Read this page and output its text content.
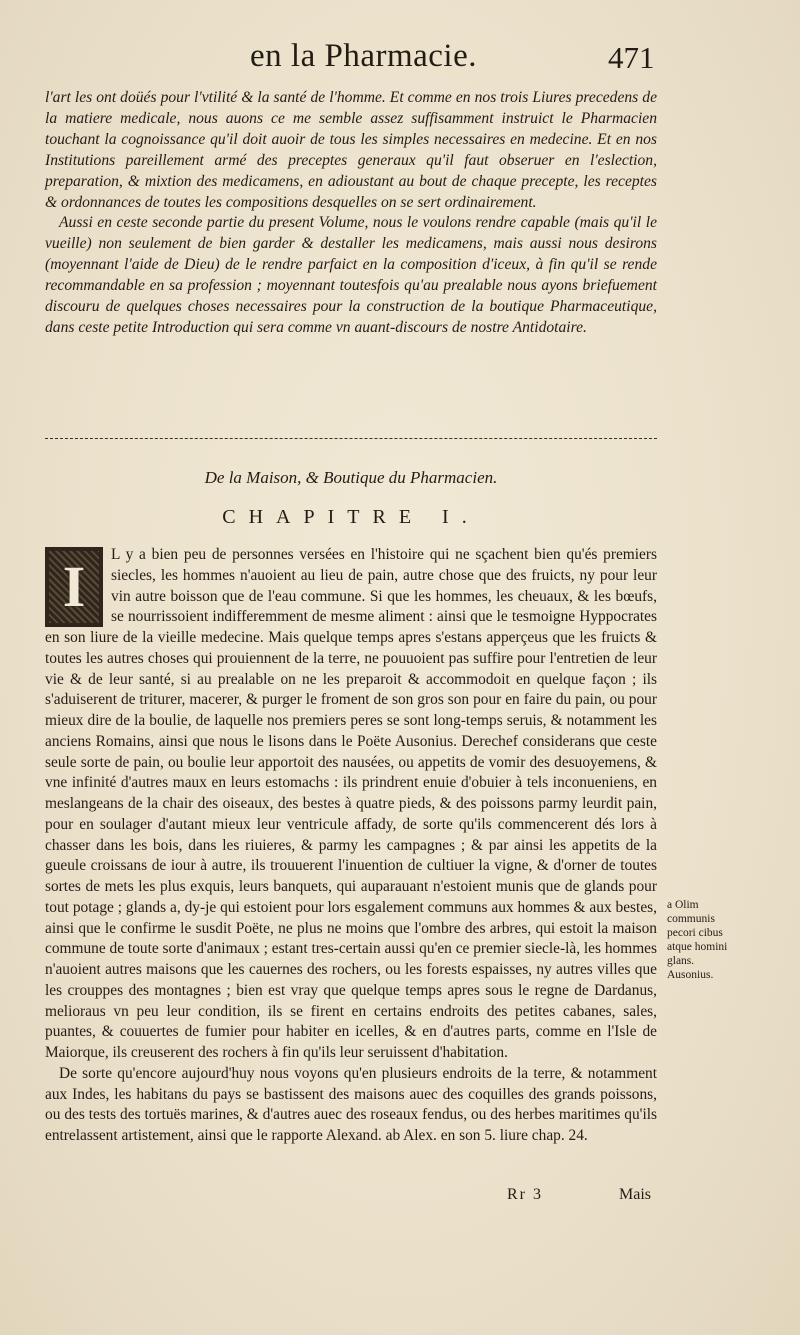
en la Pharmacie.	471

l'art les ont doüés pour l'vtilité & la santé de l'homme. Et comme en nos trois Liures precedens de la matiere medicale, nous auons ce me semble assez suffisamment instruict le Pharmacien touchant la cognoissance qu'il doit auoir de tous les simples necessaires en medecine. Et en nos Institutions pareillement armé des preceptes generaux qu'il faut obseruer en l'eslection, preparation, & mixtion des medicamens, en adioustant au bout de chaque precepte, les receptes & ordonnances de toutes les compositions desquelles on se sert ordinairement.

Aussi en ceste seconde partie du present Volume, nous le voulons rendre capable (mais qu'il le vueille) non seulement de bien garder & destaller les medicamens, mais aussi nous desirons (moyennant l'aide de Dieu) de le rendre parfaict en la composition d'iceux, à fin qu'il se rende recommandable en sa profession ; moyennant toutesfois qu'au prealable nous ayons briefuement discouru de quelques choses necessaires pour la construction de la boutique Pharmaceutique, dans ceste petite Introduction qui sera comme vn auant-discours de nostre Antidotaire.

De la Maison, & Boutique du Pharmacien.
CHAPITRE I.
I	L y a bien peu de personnes versées en l'histoire qui ne sçachent bien qu'és premiers siecles, les hommes n'auoient au lieu de pain, autre chose que des fruicts, ny pour leur vin autre boisson que de l'eau commune. Si que les hommes, les cheuaux, & les bœufs, se nourrissoient indifferemment de mesme aliment : ainsi que le tesmoigne Hyppocrates en son liure de la vieille medecine. Mais quelque temps apres s'estans apperçeus que les fruicts & toutes les autres choses qui prouiennent de la terre, ne pouuoient pas suffire pour l'entretien de leur vie & de leur santé, si au prealable on ne les preparoit & accommodoit en quelque façon ; ils s'aduiserent de triturer, macerer, & purger le froment de son gros son pour en faire du pain, ou pour mieux dire de la boulie, de laquelle nos premiers peres se sont long-temps seruis, & notamment les anciens Romains, ainsi que nous le lisons dans le Poëte Ausonius. Derechef considerans que ceste seule sorte de pain, ou boulie leur apportoit des nausées, ou appetits de vomir des desuoyemens, & vne infinité d'autres maux en leurs estomachs : ils prindrent enuie d'obuier à tels inconueniens, en meslangeans de la chair des oiseaux, des bestes à quatre pieds, & des poissons parmy leurdit pain, pour en soulager d'autant mieux leur ventricule affady, de sorte qu'ils commencerent dés lors à chasser dans les bois, dans les riuieres, & parmy les campagnes ; & par ainsi les appetits de la gueule croissans de iour à autre, ils trouuerent l'inuention de cultiuer la vigne, & d'orner de toutes sortes de mets les plus exquis, leurs banquets, qui auparauant n'estoient munis que de glands pour tout potage ; glands a, dy-je qui estoient pour lors esgalement communs aux hommes & aux bestes, ainsi que le confirme le susdit Poëte, ne plus ne moins que l'ombre des arbres, qui estoit la maison commune de toute sorte d'animaux ; estant tres-certain aussi qu'en ce premier siecle-là, les hommes n'auoient autres maisons que les cauernes des rochers, ou les forests espaisses, ny autres villes que les crouppes des montagnes ; bien est vray que quelque temps apres sous le regne de Dardanus, melioraus vn peu leur condition, ils se firent en certains endroits des petites cabanes, sales, puantes, & couuertes de fumier pour habiter en icelles, & en d'autres parts, comme en l'Isle de Maiorque, ils creuserent des rochers à fin qu'ils leur seruissent d'habitation.

De sorte qu'encore aujourd'huy nous voyons qu'en plusieurs endroits de la terre, & notamment aux Indes, les habitans du pays se bastissent des maisons auec des coquilles des grands poissons, ou des tests des tortuës marines, & d'autres auec des roseaux fendus, ou des herbes maritimes qu'ils entrelassent artistement, ainsi que le rapporte Alexand. ab Alex. en son 5. liure chap. 24.

a Olim communis pecori cibus atque homini glans. Ausonius.
Rr 3	Mais
